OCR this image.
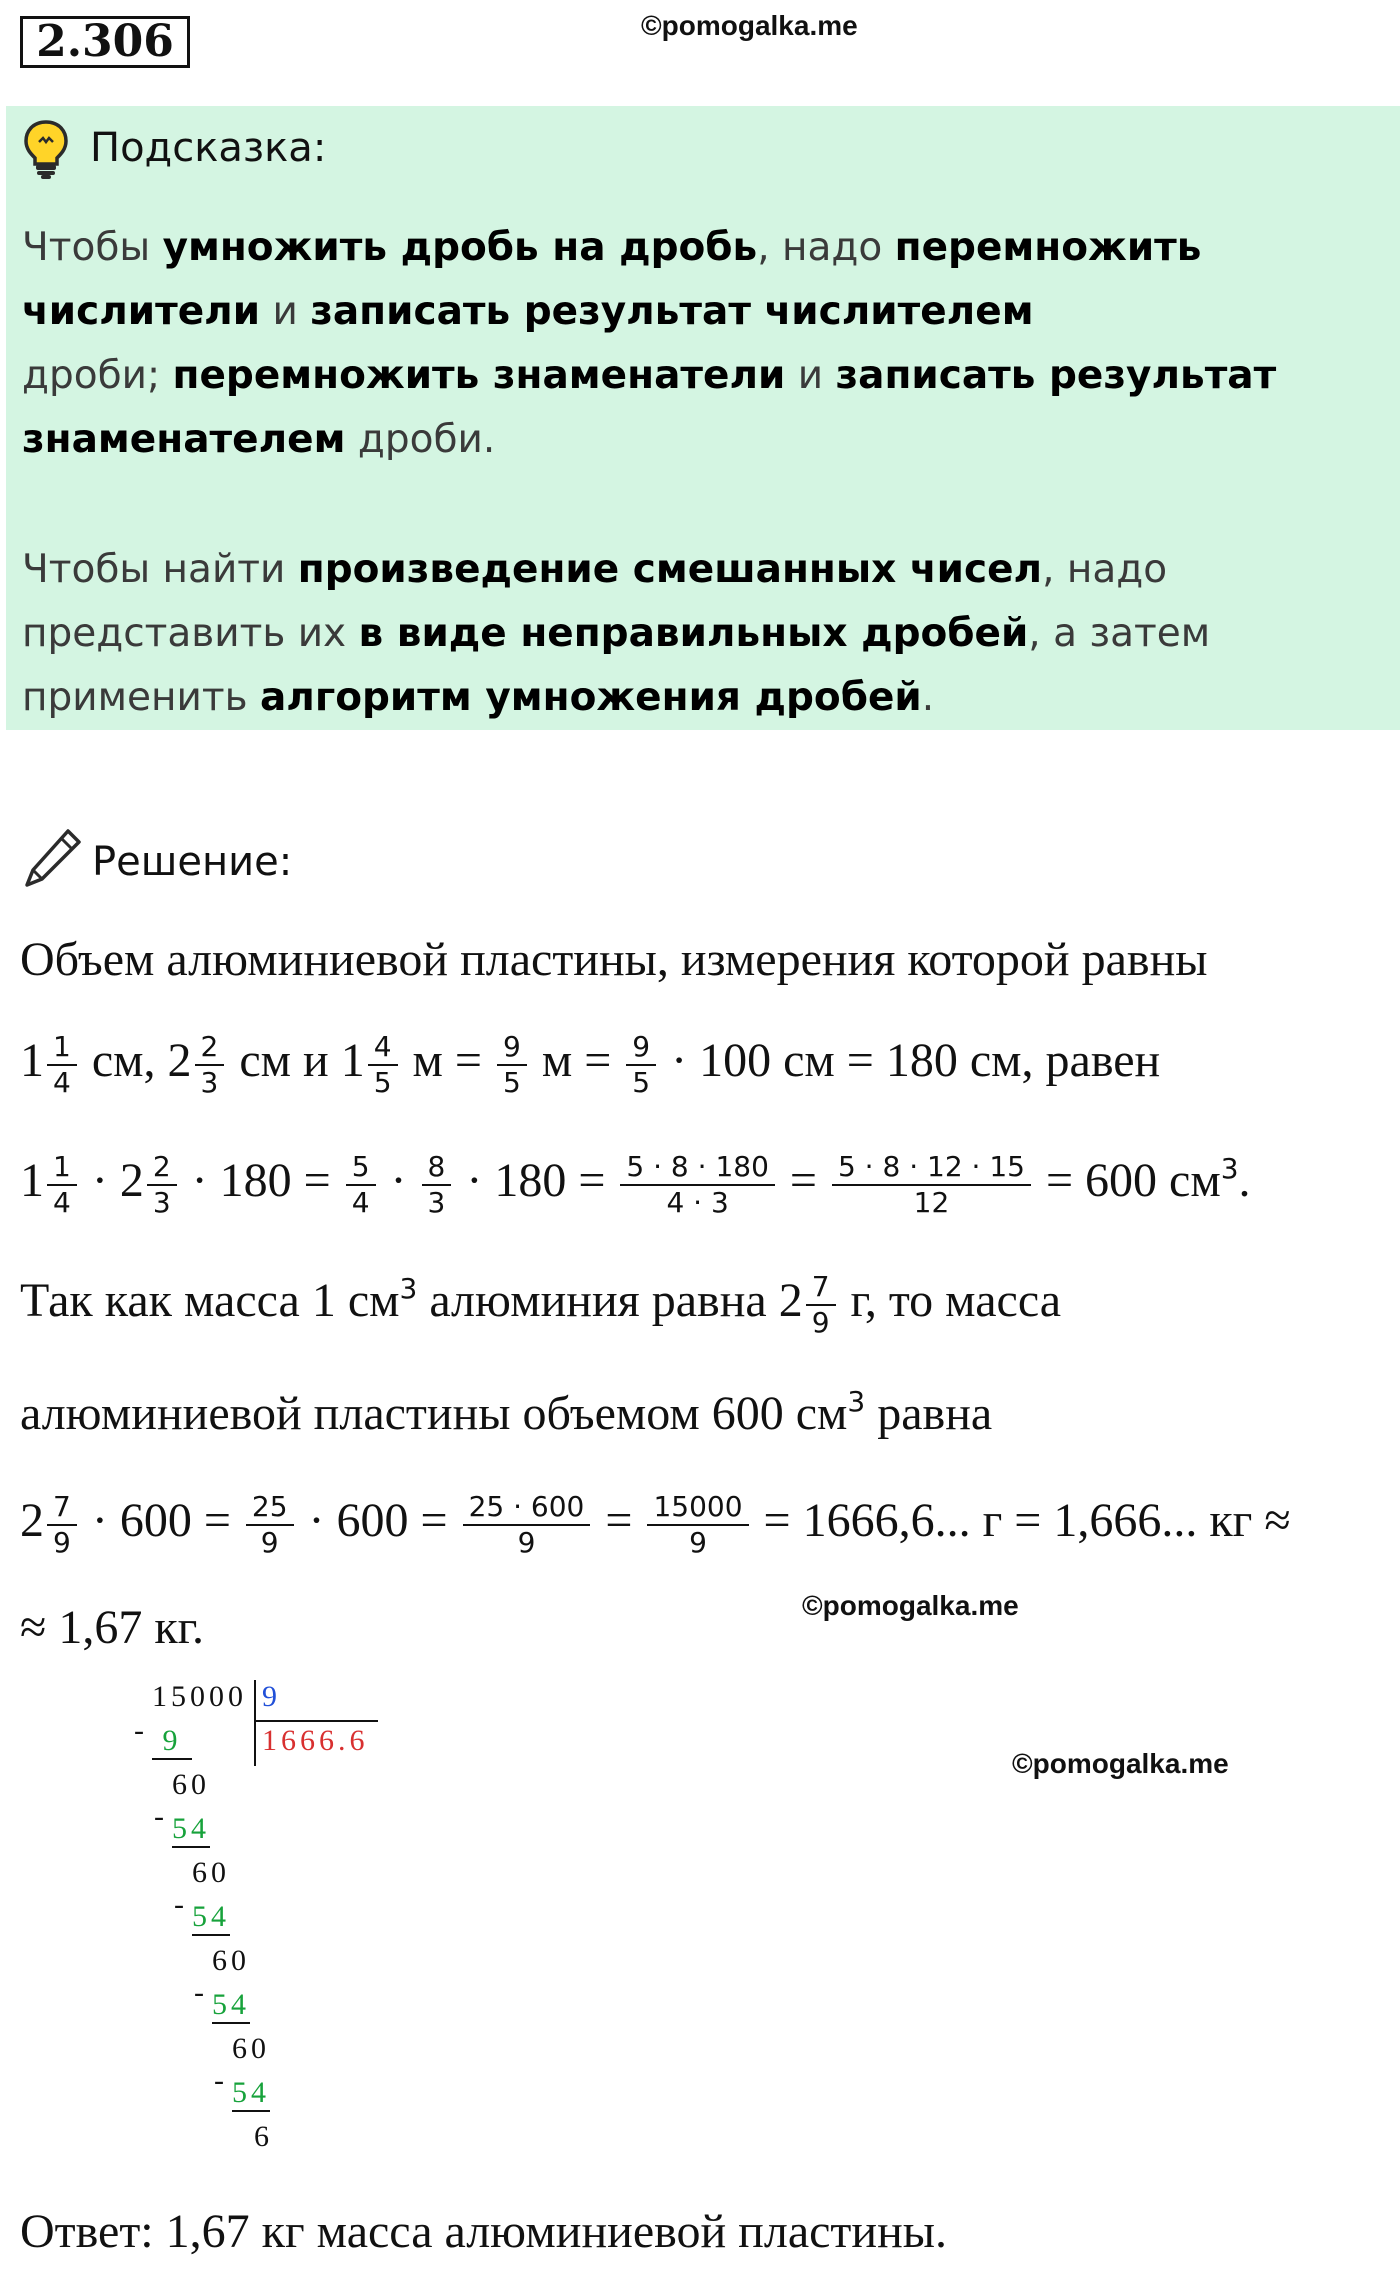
2.306	©pomogalka.me
Подсказка:
Чтобы умножить дробь на дробь, надо перемножить
числители и записать результат числителем
дроби; перемножить знаменатели и записать результат
знаменателем дроби.
Чтобы найти произведение смешанных чисел, надо
представить их в виде неправильных дробей, а затем
применить алгоритм умножения дробей.
Решение:
Объем алюминиевой пластины, измерения которой равны
$1 \frac{1}{4}$ см, $2 \frac{2}{3}$ см и $1 \frac{4}{5}$ $м = \frac{9}{5}$ $м = \frac{9}{5} \cdot 100$ см = 180 см, равен
$1 \frac{1}{4} \cdot 2 \frac{2}{3} \cdot 180 = \frac{5}{4} \cdot \frac{8}{3} \cdot 180 = \frac{5 \cdot 8 \cdot 180}{4 \cdot 3} = \frac{5 \cdot 8 \cdot 12 \cdot 15}{12} = 600$ $см^3$.
Так как масса 1 $см^3$ алюминия равна $2 \frac{7}{9} г$, то масса
алюминиевой пластины объемом 600 $см^3$ равна
$2 \frac{7}{9} \cdot 600 = \frac{25}{9} \cdot 600 = \frac{25 \cdot 600}{9} = \frac{15000}{9} = 1666,6$... г = 1,666... кг ≈
≈ 1,67 кг.	©pomogalka.me
©pomogalka.me
15000 9
1666.6
- 9
60
- 54
60
- 54
60
- 54
60
- 54
6
Ответ: 1,67 кг масса алюминиевой пластины.
